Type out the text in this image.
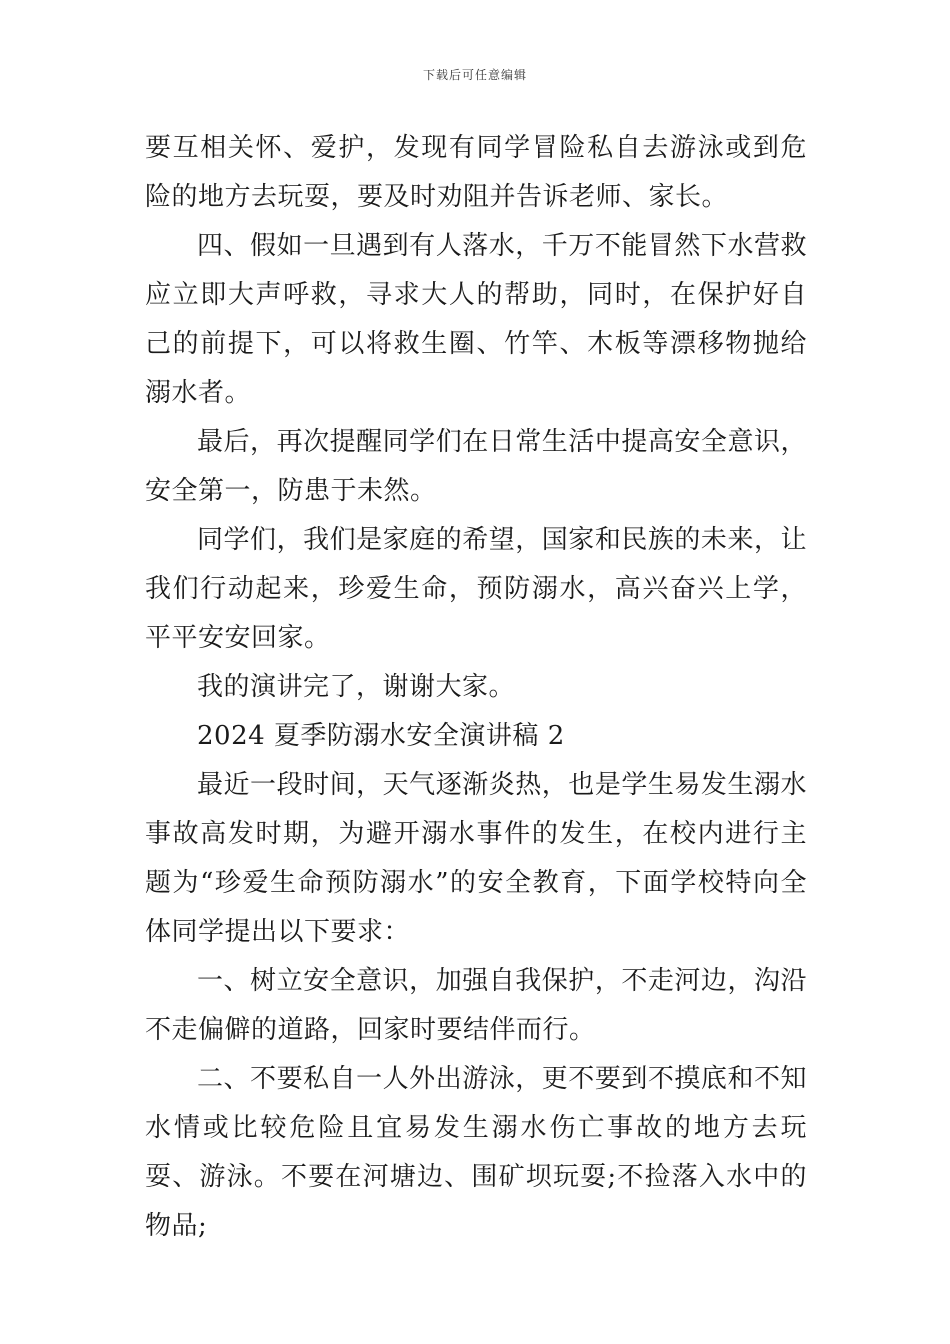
下载后可任意编辑

要互相关怀、爱护，发现有同学冒险私自去游泳或到危险的地方去玩耍，要及时劝阻并告诉老师、家长。

四、假如一旦遇到有人落水，千万不能冒然下水营救应立即大声呼救，寻求大人的帮助，同时，在保护好自己的前提下，可以将救生圈、竹竿、木板等漂移物抛给溺水者。

最后，再次提醒同学们在日常生活中提高安全意识，安全第一，防患于未然。

同学们，我们是家庭的希望，国家和民族的未来，让我们行动起来，珍爱生命，预防溺水，高兴奋兴上学，平平安安回家。

我的演讲完了，谢谢大家。

2024 夏季防溺水安全演讲稿 2

最近一段时间，天气逐渐炎热，也是学生易发生溺水事故高发时期，为避开溺水事件的发生，在校内进行主题为“珍爱生命预防溺水”的安全教育，下面学校特向全体同学提出以下要求：

一、树立安全意识，加强自我保护，不走河边，沟沿不走偏僻的道路，回家时要结伴而行。

二、不要私自一人外出游泳，更不要到不摸底和不知水情或比较危险且宜易发生溺水伤亡事故的地方去玩耍、游泳。不要在河塘边、围矿坝玩耍;不捡落入水中的物品;
